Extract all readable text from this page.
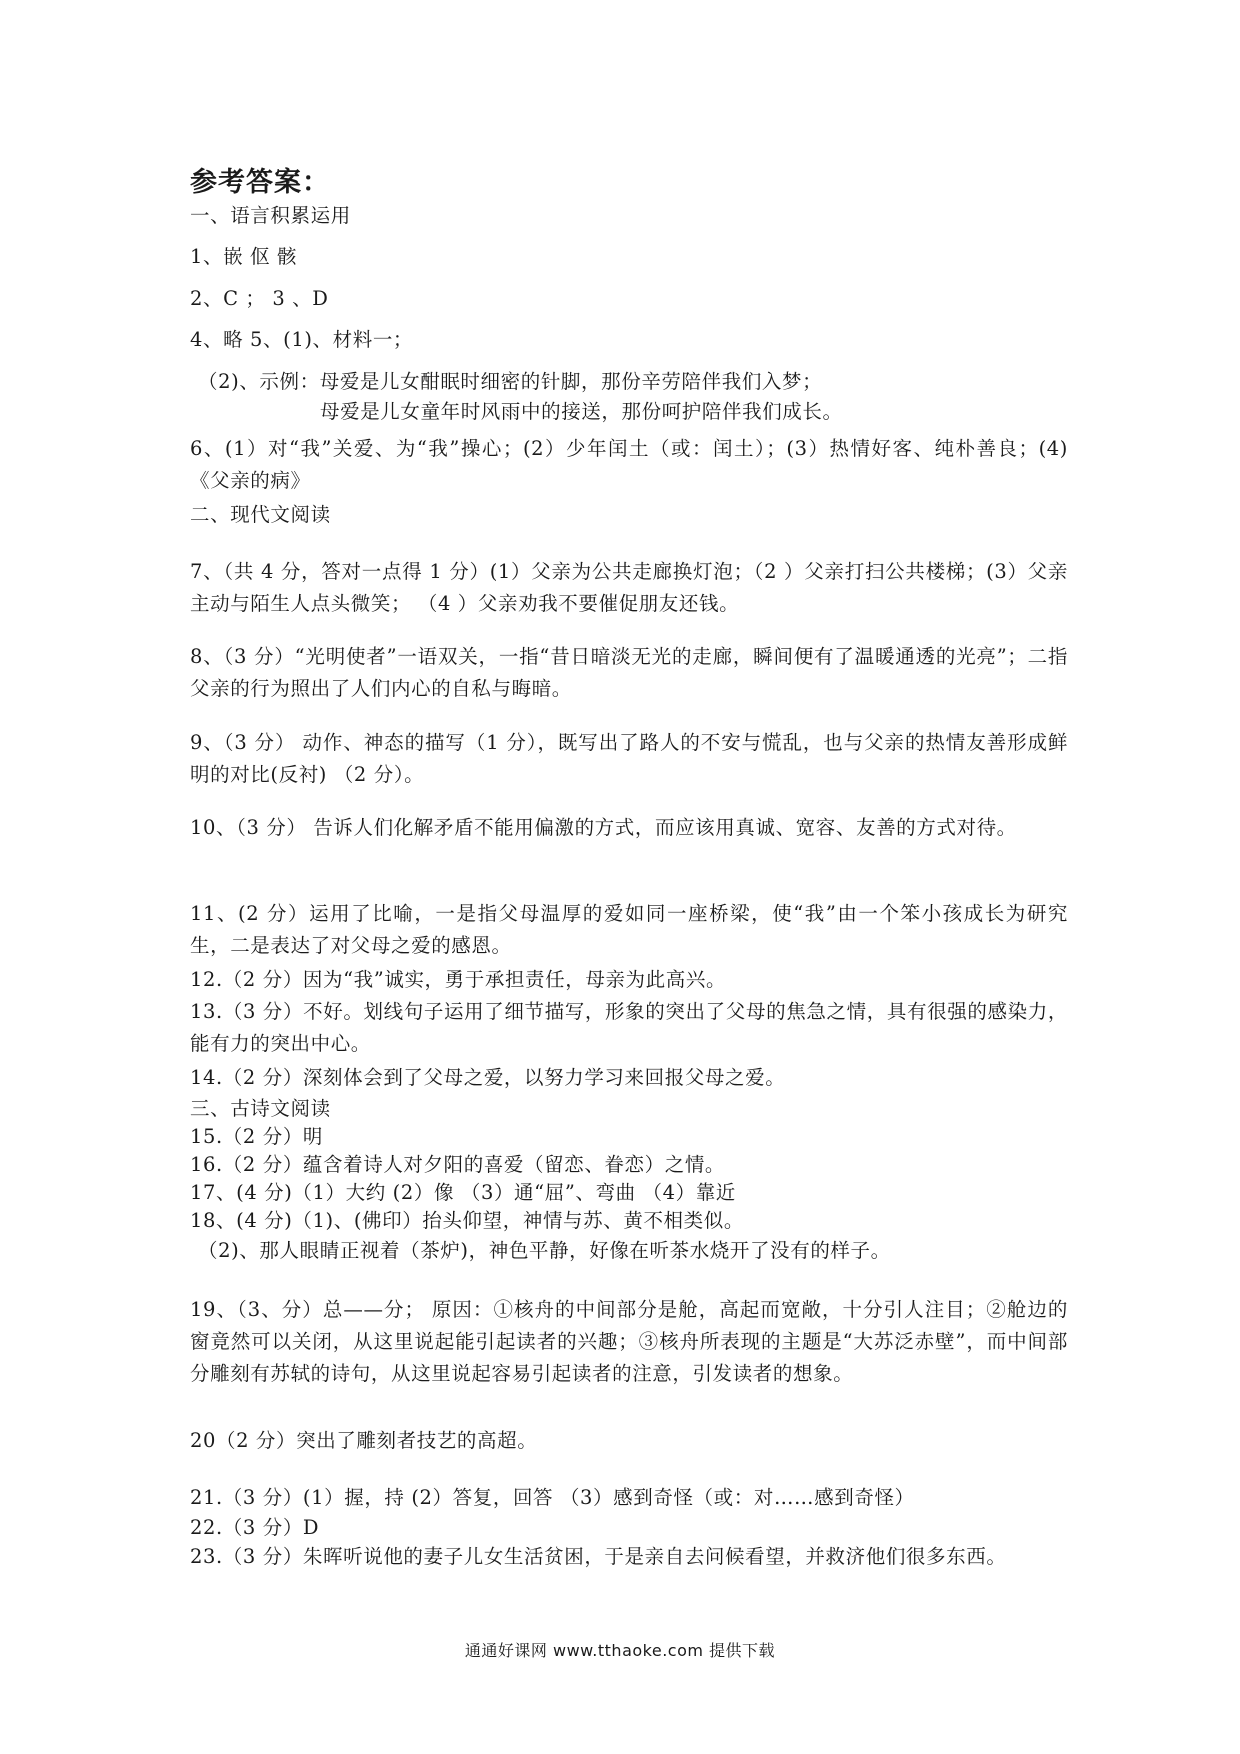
参考答案：
一、语言积累运用
1、嵌 伛 骸
2、C ； 3 、D
4、略 5、(1)、材料一；
（2)、示例：母爱是儿女酣眠时细密的针脚，那份辛劳陪伴我们入梦；
母爱是儿女童年时风雨中的接送，那份呵护陪伴我们成长。
6、(1）对“我”关爱、为“我”操心；(2）少年闰土（或：闰土）；(3）热情好客、纯朴善良；(4)《父亲的病》
二、现代文阅读
7、（共 4 分，答对一点得 1 分）(1）父亲为公共走廊换灯泡；（2 ）父亲打扫公共楼梯；(3）父亲主动与陌生人点头微笑； （4 ）父亲劝我不要催促朋友还钱。
8、（3 分）“光明使者”一语双关，一指“昔日暗淡无光的走廊，瞬间便有了温暖通透的光亮”；二指父亲的行为照出了人们内心的自私与晦暗。
9、（3 分） 动作、神态的描写（1 分），既写出了路人的不安与慌乱，也与父亲的热情友善形成鲜明的对比(反衬) （2 分）。
10、（3 分） 告诉人们化解矛盾不能用偏激的方式，而应该用真诚、宽容、友善的方式对待。
11、(2 分）运用了比喻，一是指父母温厚的爱如同一座桥梁，使“我”由一个笨小孩成长为研究生，二是表达了对父母之爱的感恩。
12.（2 分）因为“我”诚实，勇于承担责任，母亲为此高兴。
13.（3 分）不好。划线句子运用了细节描写，形象的突出了父母的焦急之情，具有很强的感染力，能有力的突出中心。
14.（2 分）深刻体会到了父母之爱，以努力学习来回报父母之爱。
三、古诗文阅读
15.（2 分）明
16.（2 分）蕴含着诗人对夕阳的喜爱（留恋、眷恋）之情。
17、(4 分)（1）大约 (2）像 （3）通“屈”、弯曲 （4）靠近
18、(4 分)（1)、(佛印）抬头仰望，神情与苏、黄不相类似。
（2)、那人眼睛正视着（茶炉)，神色平静，好像在听茶水烧开了没有的样子。
19、（3、分）总——分； 原因：①核舟的中间部分是舱，高起而宽敞，十分引人注目；②舱边的窗竟然可以关闭，从这里说起能引起读者的兴趣；③核舟所表现的主题是“大苏泛赤壁”，而中间部分雕刻有苏轼的诗句，从这里说起容易引起读者的注意，引发读者的想象。
20（2 分）突出了雕刻者技艺的高超。
21.（3 分）(1）握，持 (2）答复，回答 （3）感到奇怪（或：对……感到奇怪）
22.（3 分）D
23.（3 分）朱晖听说他的妻子儿女生活贫困，于是亲自去问候看望，并救济他们很多东西。
通通好课网 www.tthaoke.com 提供下载
